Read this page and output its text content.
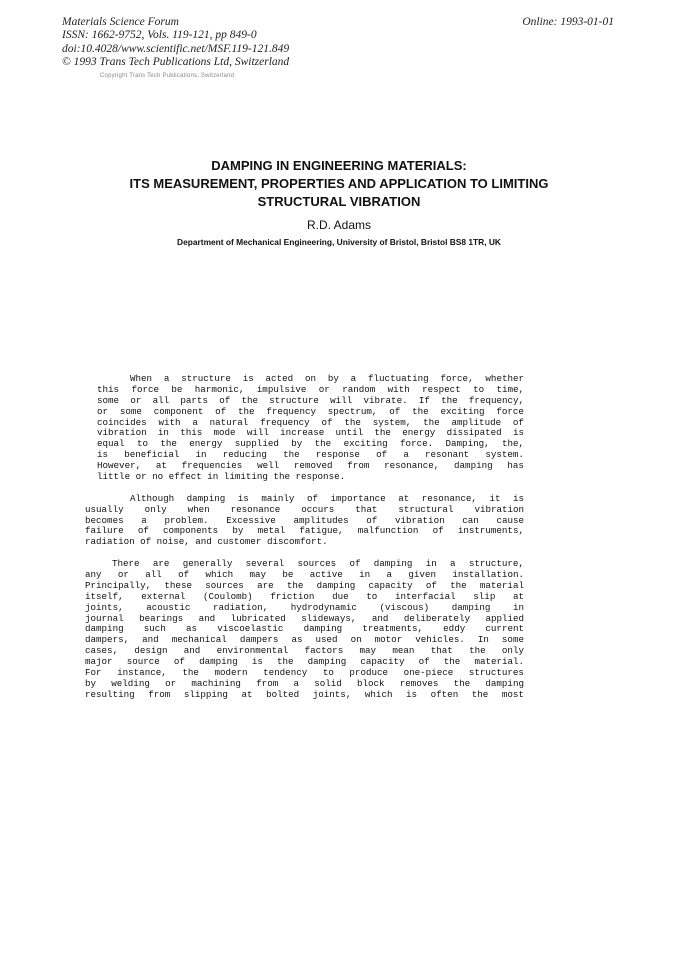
Materials Science Forum
ISSN: 1662-9752, Vols. 119-121, pp 849-0
doi:10.4028/www.scientific.net/MSF.119-121.849
© 1993 Trans Tech Publications Ltd, Switzerland
Online: 1993-01-01
Copyright Trans Tech Publications, Switzerland
DAMPING IN ENGINEERING MATERIALS:
ITS MEASUREMENT, PROPERTIES AND APPLICATION TO LIMITING
STRUCTURAL VIBRATION
R.D. Adams
Department of Mechanical Engineering, University of Bristol, Bristol BS8 1TR, UK
When a structure is acted on by a fluctuating force, whether
this force be harmonic, impulsive or random with respect to time,
some or all parts of the structure will vibrate. If the frequency,
or some component of the frequency spectrum, of the exciting force
coincides with a natural frequency of the system, the amplitude of
vibration in this mode will increase until the energy dissipated is
equal to the energy supplied by the exciting force. Damping, the,
is beneficial in reducing the response of a resonant system.
However, at frequencies well removed from resonance, damping has
little or no effect in limiting the response.
Although damping is mainly of importance at resonance, it is
usually only when resonance occurs that structural vibration
becomes a problem. Excessive amplitudes of vibration can cause
failure of components by metal fatigue, malfunction of instruments,
radiation of noise, and customer discomfort.
There are generally several sources of damping in a structure,
any or all of which may be active in a given installation.
Principally, these sources are the damping capacity of the material
itself, external (Coulomb) friction due to interfacial slip at
joints, acoustic radiation, hydrodynamic (viscous) damping in
journal bearings and lubricated slideways, and deliberately applied
damping such as viscoelastic damping treatments, eddy current
dampers, and mechanical dampers as used on motor vehicles. In some
cases, design and environmental factors may mean that the only
major source of damping is the damping capacity of the material.
For instance, the modern tendency to produce one-piece structures
by welding or machining from a solid block removes the damping
resulting from slipping at bolted joints, which is often the most
